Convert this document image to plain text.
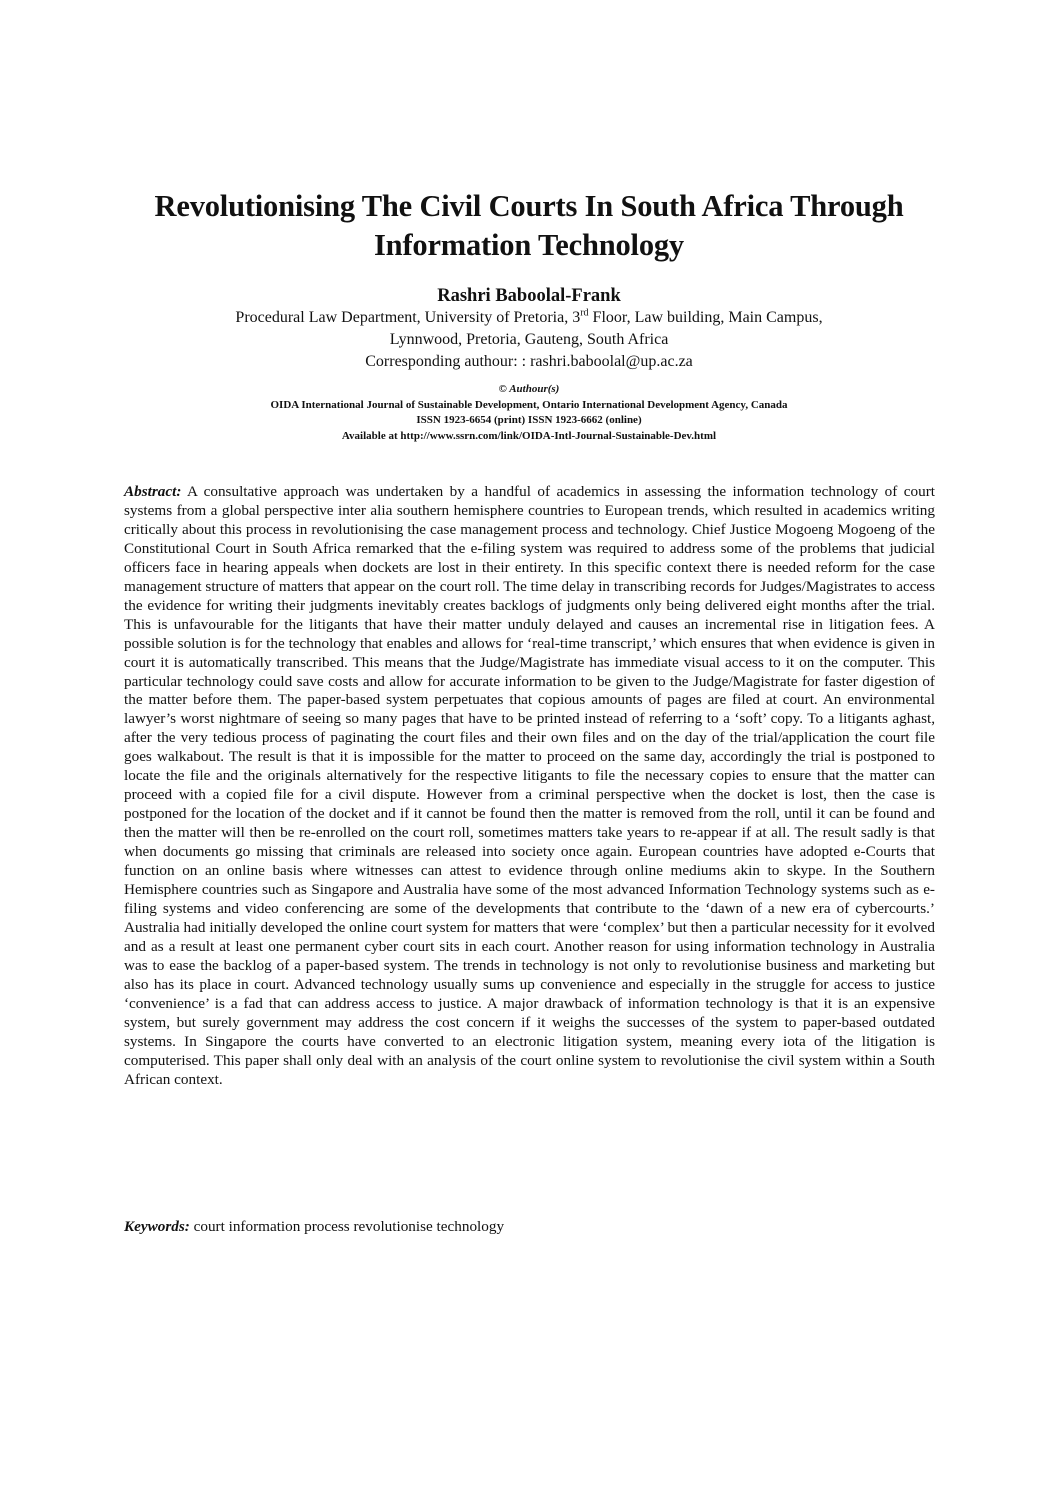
Revolutionising The Civil Courts In South Africa Through
Information Technology
Rashri Baboolal-Frank
Procedural Law Department, University of Pretoria, 3rd Floor, Law building, Main Campus,
Lynnwood, Pretoria, Gauteng, South Africa
Corresponding authour: : rashri.baboolal@up.ac.za
© Authour(s)
OIDA International Journal of Sustainable Development, Ontario International Development Agency, Canada
ISSN 1923-6654 (print) ISSN 1923-6662 (online)
Available at http://www.ssrn.com/link/OIDA-Intl-Journal-Sustainable-Dev.html
Abstract: A consultative approach was undertaken by a handful of academics in assessing the information technology of court systems from a global perspective inter alia southern hemisphere countries to European trends, which resulted in academics writing critically about this process in revolutionising the case management process and technology. Chief Justice Mogoeng Mogoeng of the Constitutional Court in South Africa remarked that the e-filing system was required to address some of the problems that judicial officers face in hearing appeals when dockets are lost in their entirety. In this specific context there is needed reform for the case management structure of matters that appear on the court roll. The time delay in transcribing records for Judges/Magistrates to access the evidence for writing their judgments inevitably creates backlogs of judgments only being delivered eight months after the trial. This is unfavourable for the litigants that have their matter unduly delayed and causes an incremental rise in litigation fees. A possible solution is for the technology that enables and allows for ‘real-time transcript,’ which ensures that when evidence is given in court it is automatically transcribed. This means that the Judge/Magistrate has immediate visual access to it on the computer. This particular technology could save costs and allow for accurate information to be given to the Judge/Magistrate for faster digestion of the matter before them. The paper-based system perpetuates that copious amounts of pages are filed at court. An environmental lawyer’s worst nightmare of seeing so many pages that have to be printed instead of referring to a ‘soft’ copy. To a litigants aghast, after the very tedious process of paginating the court files and their own files and on the day of the trial/application the court file goes walkabout. The result is that it is impossible for the matter to proceed on the same day, accordingly the trial is postponed to locate the file and the originals alternatively for the respective litigants to file the necessary copies to ensure that the matter can proceed with a copied file for a civil dispute. However from a criminal perspective when the docket is lost, then the case is postponed for the location of the docket and if it cannot be found then the matter is removed from the roll, until it can be found and then the matter will then be re-enrolled on the court roll, sometimes matters take years to re-appear if at all. The result sadly is that when documents go missing that criminals are released into society once again. European countries have adopted e-Courts that function on an online basis where witnesses can attest to evidence through online mediums akin to skype. In the Southern Hemisphere countries such as Singapore and Australia have some of the most advanced Information Technology systems such as e-filing systems and video conferencing are some of the developments that contribute to the ‘dawn of a new era of cybercourts.’ Australia had initially developed the online court system for matters that were ‘complex’ but then a particular necessity for it evolved and as a result at least one permanent cyber court sits in each court. Another reason for using information technology in Australia was to ease the backlog of a paper-based system. The trends in technology is not only to revolutionise business and marketing but also has its place in court. Advanced technology usually sums up convenience and especially in the struggle for access to justice ‘convenience’ is a fad that can address access to justice. A major drawback of information technology is that it is an expensive system, but surely government may address the cost concern if it weighs the successes of the system to paper-based outdated systems. In Singapore the courts have converted to an electronic litigation system, meaning every iota of the litigation is computerised. This paper shall only deal with an analysis of the court online system to revolutionise the civil system within a South African context.
Keywords: court information process revolutionise technology
